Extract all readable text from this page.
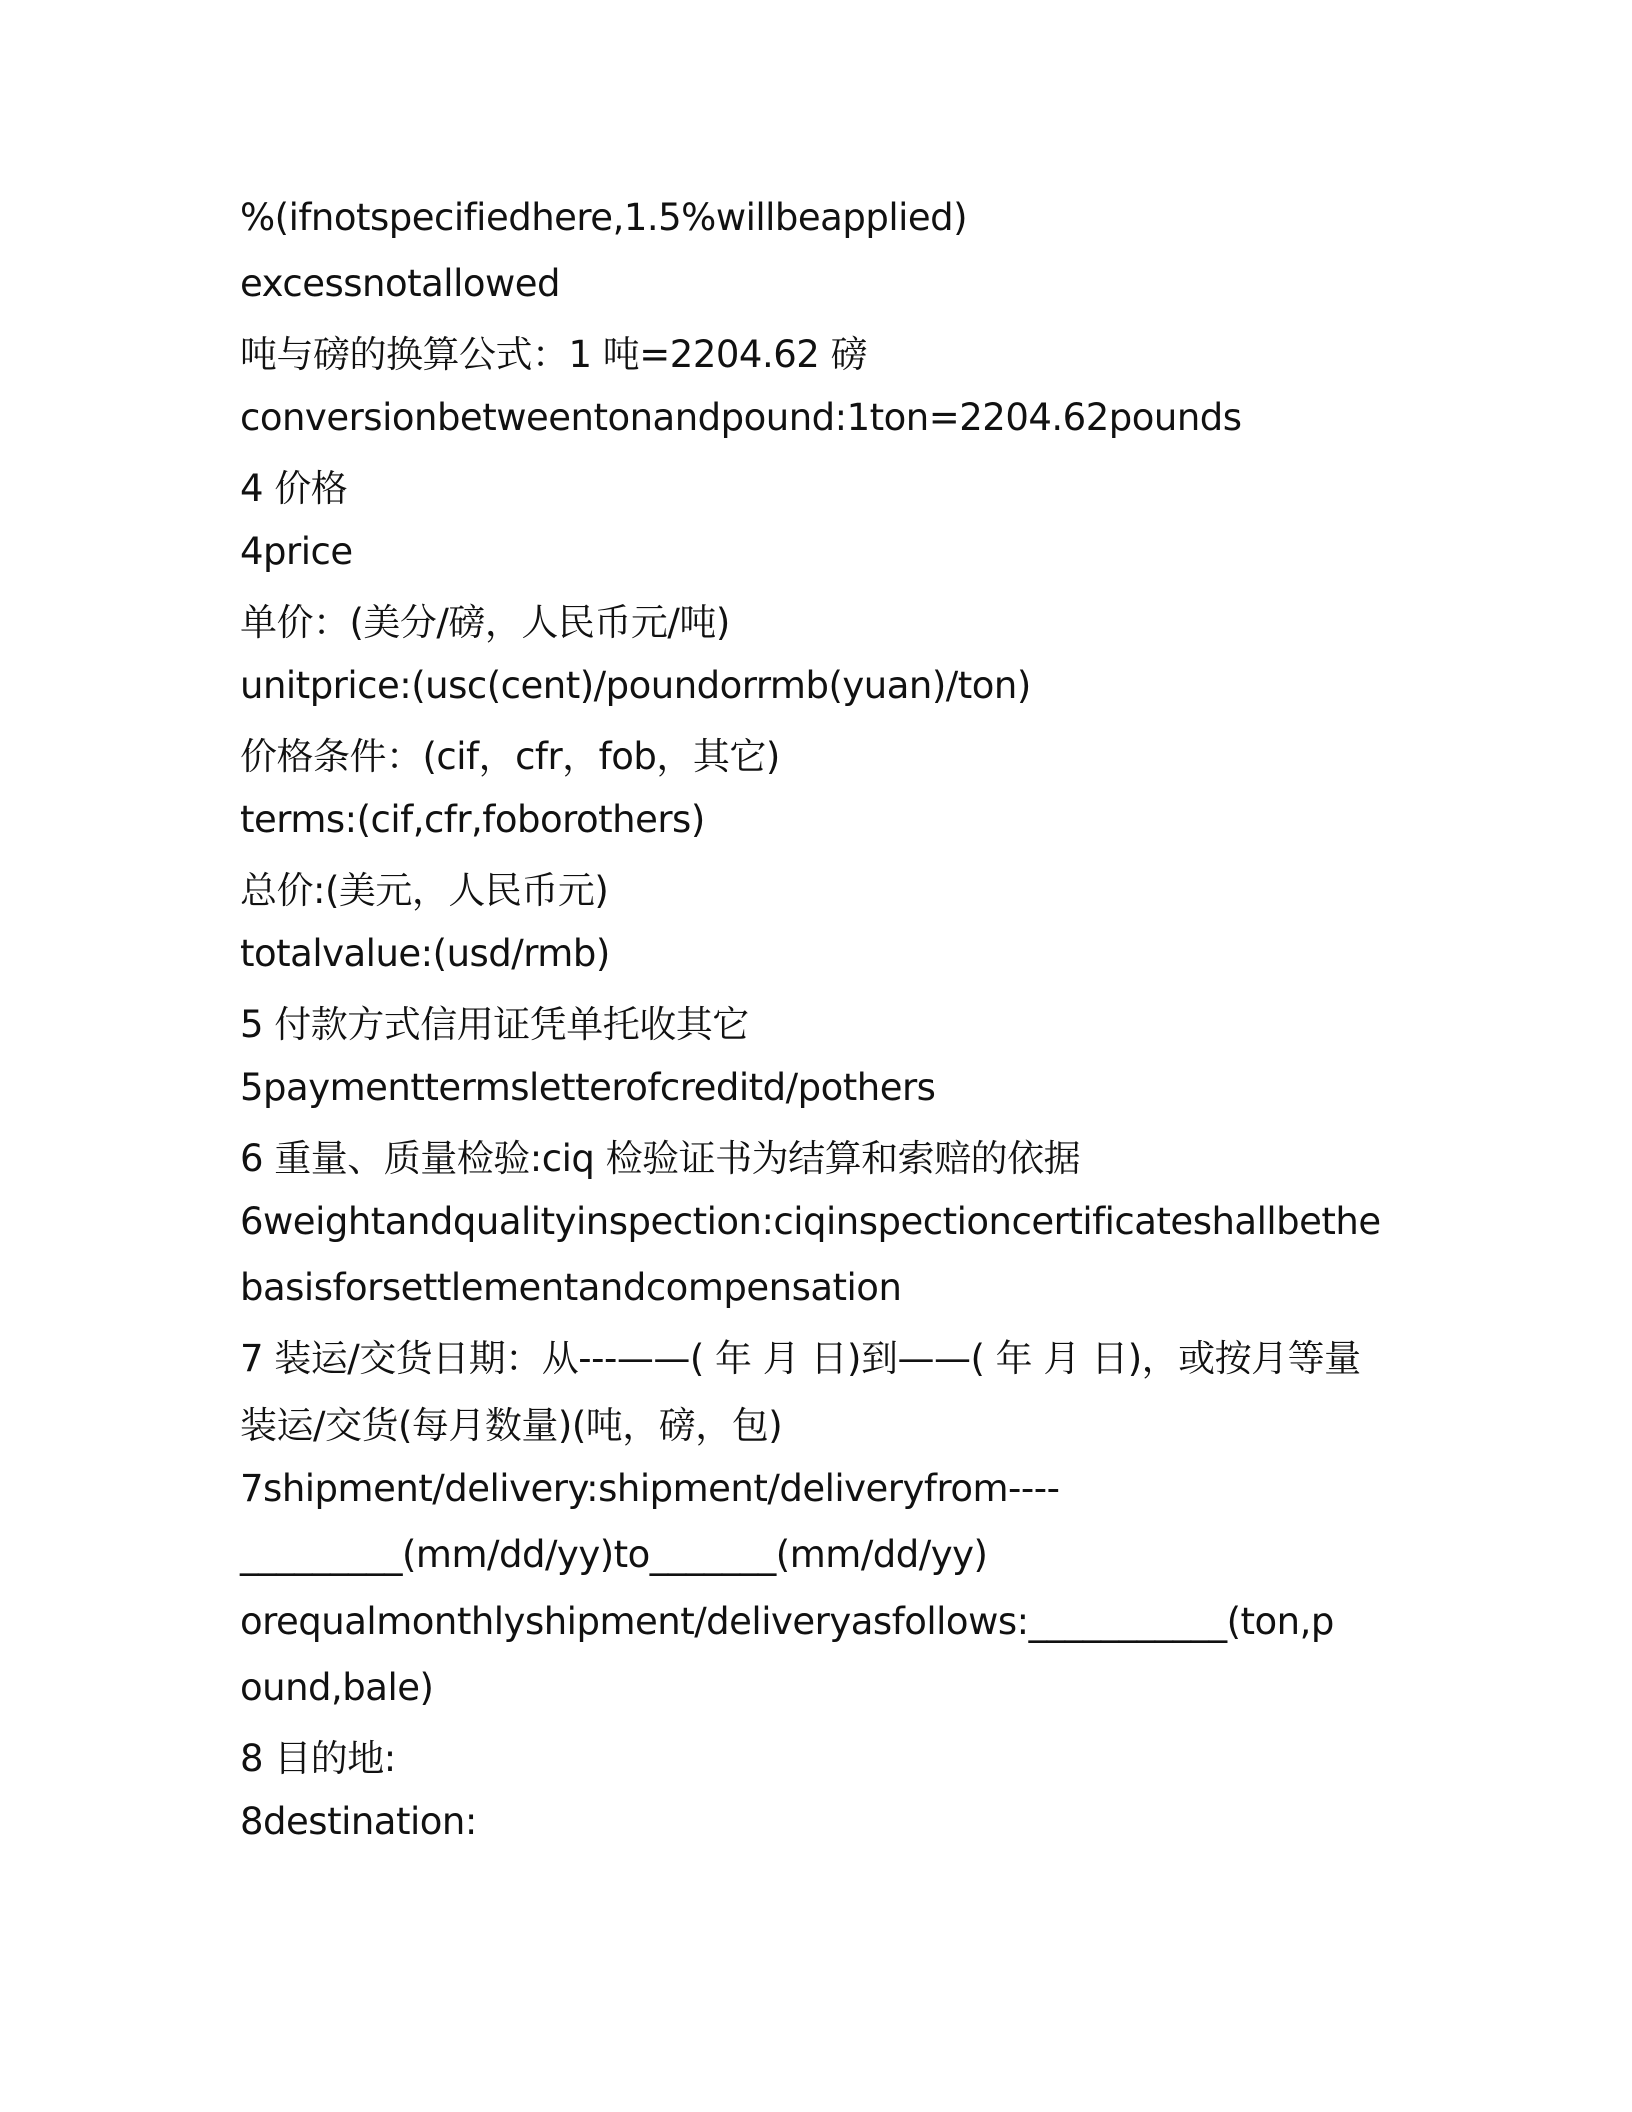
%(ifnotspecifiedhere,1.5%willbeapplied)
excessnotallowed
吨与磅的换算公式：1 吨=2204.62 磅
conversionbetweentonandpound:1ton=2204.62pounds
4 价格
4price
单价：(美分/磅，人民币元/吨)
unitprice:(usc(cent)/poundorrmb(yuan)/ton)
价格条件：(cif，cfr，fob，其它)
terms:(cif,cfr,foborothers)
总价:(美元，人民币元)
totalvalue:(usd/rmb)
5 付款方式信用证凭单托收其它
5paymenttermsletterofcreditd/pothers
6 重量、质量检验:ciq 检验证书为结算和索赔的依据
6weightandqualityinspection:ciqinspectioncertificateshallbethe
basisforsettlementandcompensation
7 装运/交货日期：从---——( 年 月 日)到——( 年 月 日)，或按月等量
装运/交货(每月数量)(吨，磅，包)
7shipment/delivery:shipment/deliveryfrom----
_________(mm/dd/yy)to_______(mm/dd/yy)
orequalmonthlyshipment/deliveryasfollows:___________(ton,p
ound,bale)
8 目的地:
8destination:
